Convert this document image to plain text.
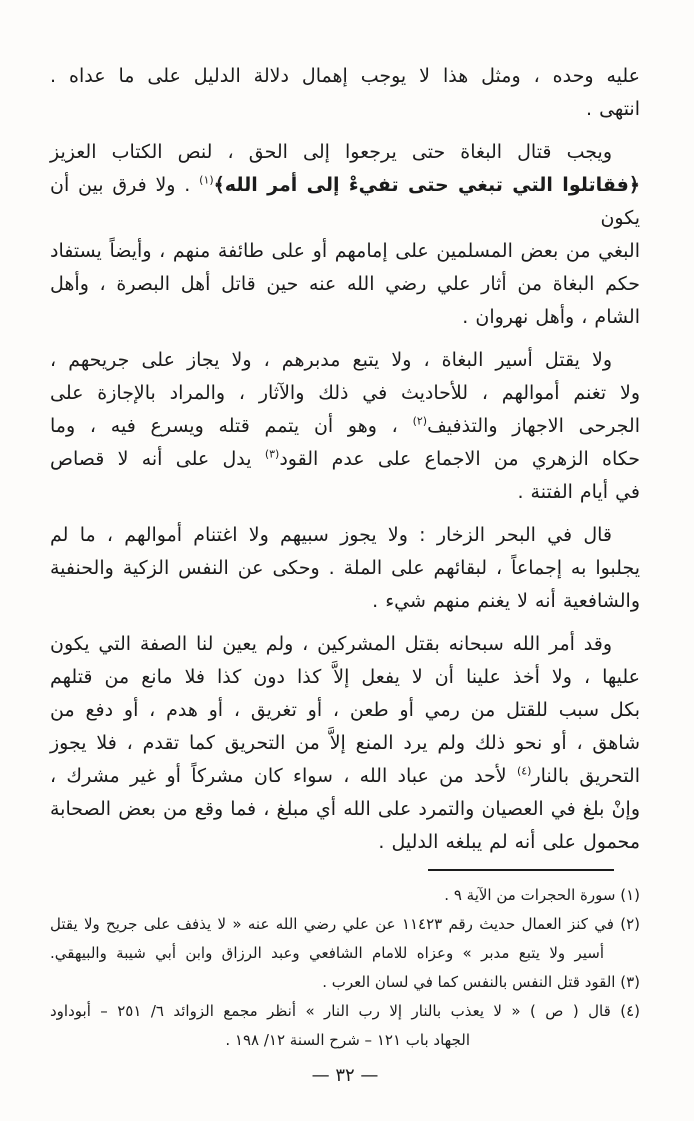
عليه وحده ، ومثل هذا لا يوجب إهمال دلالة الدليل على ما عداه .
انتهى .
ويجب قتال البغاة حتى يرجعوا إلى الحق ، لنص الكتاب العزيز
﴿فقاتلوا التي تبغي حتى تفيءْ إلى أمر الله﴾$^{(١)}$ . ولا فرق بين أن يكون
البغي من بعض المسلمين على إمامهم أو على طائفة منهم ، وأيضاً يستفاد
حكم البغاة من أثار علي رضي الله عنه حين قاتل أهل البصرة ، وأهل
الشام ، وأهل نهروان .
ولا يقتل أسير البغاة ، ولا يتبع مدبرهم ، ولا يجاز على جريحهم ،
ولا تغنم أموالهم ، للأحاديث في ذلك والآثار ، والمراد بالإجازة على
الجرحى الاجهاز والتذفيف$^{(٢)}$ ، وهو أن يتمم قتله ويسرع فيه ، وما
حكاه الزهري من الاجماع على عدم القود$^{(٣)}$ يدل على أنه لا قصاص
في أيام الفتنة .
قال في البحر الزخار : ولا يجوز سبيهم ولا اغتنام أموالهم ، ما لم
يجلبوا به إجماعاً ، لبقائهم على الملة . وحكى عن النفس الزكية والحنفية
والشافعية أنه لا يغنم منهم شيء .
وقد أمر الله سبحانه بقتل المشركين ، ولم يعين لنا الصفة التي يكون
عليها ، ولا أخذ علينا أن لا يفعل إلاَّ كذا دون كذا فلا مانع من قتلهم
بكل سبب للقتل من رمي أو طعن ، أو تغريق ، أو هدم ، أو دفع من
شاهق ، أو نحو ذلك ولم يرد المنع إلاَّ من التحريق كما تقدم ، فلا يجوز
التحريق بالنار$^{(٤)}$ لأحد من عباد الله ، سواء كان مشركاً أو غير مشرك ،
وإنْ بلغ في العصيان والتمرد على الله أي مبلغ ، فما وقع من بعض الصحابة
محمول على أنه لم يبلغه الدليل .
(١) سورة الحجرات من الآية ٩ .
(٢) في كنز العمال حديث رقم ١١٤٢٣ عن علي رضي الله عنه « لا يذفف على جريح ولا يقتل
أسير ولا يتبع مدبر » وعزاه للامام الشافعي وعبد الرزاق وابن أبي شيبة والبيهقي.
(٣) القود قتل النفس بالنفس كما في لسان العرب .
(٤) قال ( ص ) « لا يعذب بالنار إلا رب النار » أنظر مجمع الزوائد ٦/ ٢٥١ – أبوداود
الجهاد باب ١٢١ – شرح السنة ١٢/ ١٩٨ .
— ٣٢ —
